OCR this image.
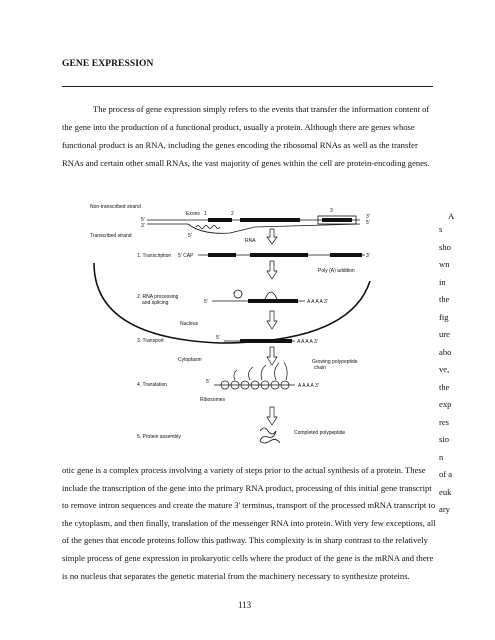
GENE EXPRESSION
The process of gene expression simply refers to the events that transfer the information content of the gene into the production of a functional product, usually a protein. Although there are genes whose functional product is an RNA, including the genes encoding the ribosomal RNAs as well as the transfer RNAs and certain other small RNAs, the vast majority of genes within the cell are protein-encoding genes.
Non-transcribed strand
Exons 1	2	3
5'
3'
3'
5'
Transcribed strand	5'
RNA
1. Transcription 5' CAP	3'
Poly (A) addition
2. RNA processing
and splicing	5'	A A A A 3'
Nucleus
3. Transport	5'
A A A A 3'
Cytoplasm	Growing polypeptide
chain
4. Translation	5'
A A A A 3'
Ribosomes
5. Protein assembly
Completed polypeptide
A
s
sho
wn
in
the
fig
ure
abo
ve,
the
exp
res
sio
n
of a
euk
ary
otic gene is a complex process involving a variety of steps prior to the actual synthesis of a protein. These include the transcription of the gene into the primary RNA product, processing of this initial gene transcript to remove intron sequences and create the mature 3' terminus, transport of the processed mRNA transcript to the cytoplasm, and then finally, translation of the messenger RNA into protein. With very few exceptions, all of the genes that encode proteins follow this pathway. This complexity is in sharp contrast to the relatively simple process of gene expression in prokaryotic cells where the product of the gene is the mRNA and there is no nucleus that separates the genetic material from the machinery necessary to synthesize proteins.
113
